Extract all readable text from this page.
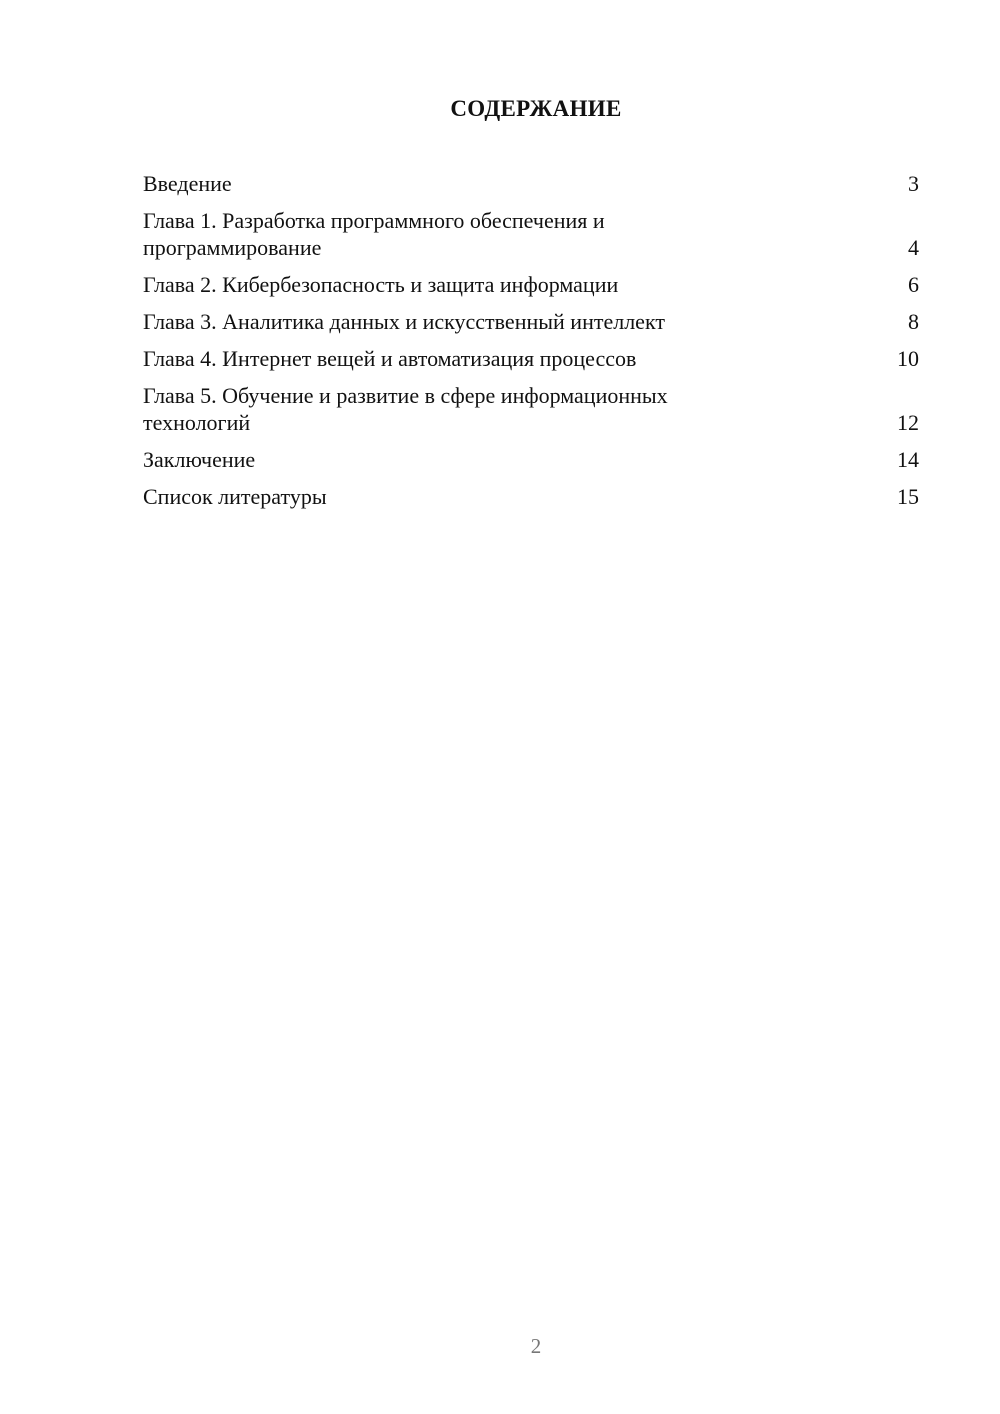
СОДЕРЖАНИЕ
Введение	3
Глава 1. Разработка программного обеспечения и программирование	4
Глава 2. Кибербезопасность и защита информации	6
Глава 3. Аналитика данных и искусственный интеллект	8
Глава 4. Интернет вещей и автоматизация процессов	10
Глава 5. Обучение и развитие в сфере информационных технологий	12
Заключение	14
Список литературы	15
2
